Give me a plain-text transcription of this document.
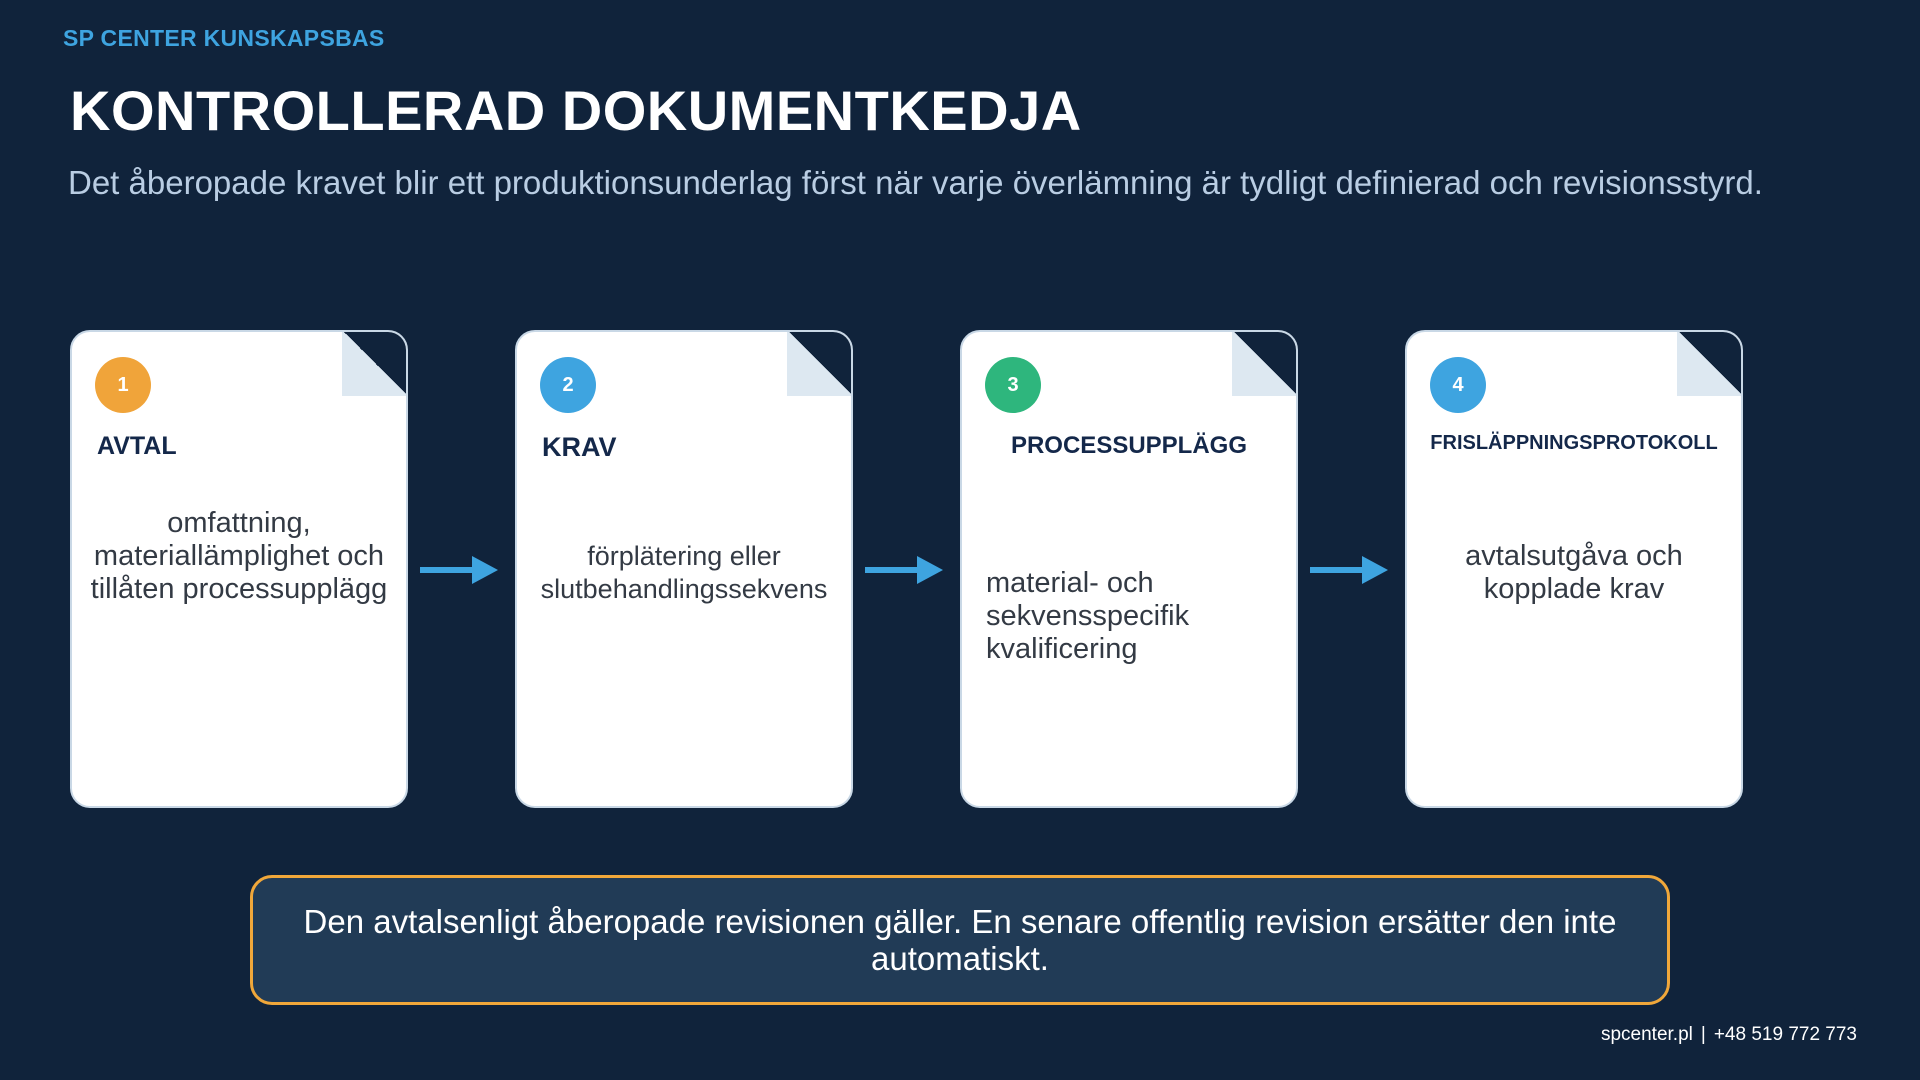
SP CENTER KUNSKAPSBAS
KONTROLLERAD DOKUMENTKEDJA
Det åberopade kravet blir ett produktionsunderlag först när varje överlämning är tydligt definierad och revisionsstyrd.
1
AVTAL
omfattning, materiallämplighet och tillåten processupplägg
2
KRAV
förplätering eller slutbehandlingssekvens
3
PROCESSUPPLÄGG
material- och sekvensspecifik kvalificering
4
FRISLÄPPNINGSPROTOKOLL
avtalsutgåva och kopplade krav
Den avtalsenligt åberopade revisionen gäller. En senare offentlig revision ersätter den inte automatiskt.
spcenter.pl | +48 519 772 773
